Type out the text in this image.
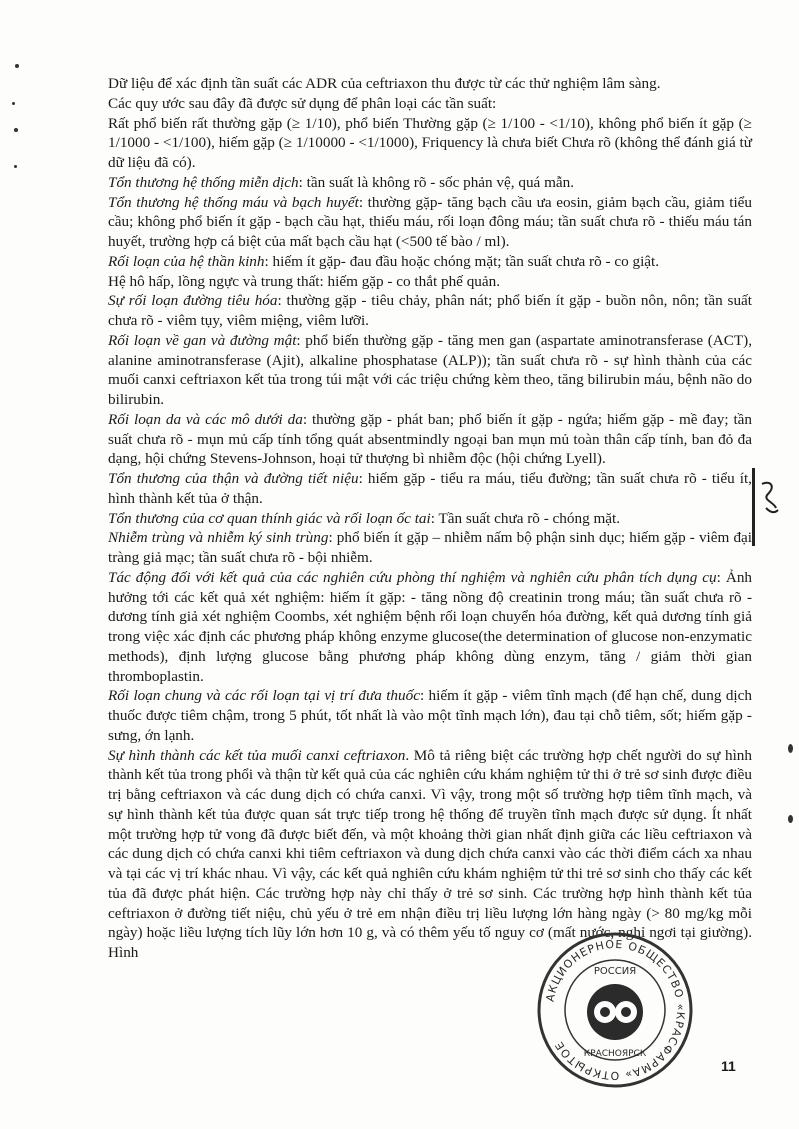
Dữ liệu để xác định tần suất các ADR của ceftriaxon thu được từ các thử nghiệm lâm sàng.

Các quy ước sau đây đã được sử dụng để phân loại các tần suất:

Rất phổ biến rất thường gặp (≥ 1/10), phổ biến Thường gặp (≥ 1/100 - <1/10), không phổ biến ít gặp (≥ 1/1000 - <1/100), hiếm gặp (≥ 1/10000 - <1/1000), Friquency là chưa biết Chưa rõ (không thể đánh giá từ dữ liệu đã có).

Tổn thương hệ thống miễn dịch: tần suất là không rõ - sốc phản vệ, quá mẫn.

Tổn thương hệ thống máu và bạch huyết: thường gặp- tăng bạch cầu ưa eosin, giảm bạch cầu, giảm tiểu cầu; không phổ biến ít gặp - bạch cầu hạt, thiếu máu, rối loạn đông máu; tần suất chưa rõ - thiếu máu tán huyết, trường hợp cá biệt của mất bạch cầu hạt (<500 tế bào / ml).

Rối loạn của hệ thần kinh: hiếm ít gặp- đau đầu hoặc chóng mặt; tần suất chưa rõ - co giật.

Hệ hô hấp, lồng ngực và trung thất: hiếm gặp - co thắt phế quản.

Sự rối loạn đường tiêu hóa: thường gặp - tiêu chảy, phân nát; phổ biến ít gặp - buồn nôn, nôn; tần suất chưa rõ - viêm tụy, viêm miệng, viêm lưỡi.

Rối loạn về gan và đường mật: phổ biến thường gặp - tăng men gan (aspartate aminotransferase (ACT), alanine aminotransferase (Ajit), alkaline phosphatase (ALP)); tần suất chưa rõ - sự hình thành của các muối canxi ceftriaxon kết tủa trong túi mật với các triệu chứng kèm theo, tăng bilirubin máu, bệnh não do bilirubin.

Rối loạn da và các mô dưới da: thường gặp - phát ban; phổ biến ít gặp - ngứa; hiếm gặp - mề đay; tần suất chưa rõ - mụn mủ cấp tính tổng quát absentmindly ngoại ban mụn mủ toàn thân cấp tính, ban đỏ đa dạng, hội chứng Stevens-Johnson, hoại tử thượng bì nhiễm độc (hội chứng Lyell).

Tổn thương của thận và đường tiết niệu: hiếm gặp - tiểu ra máu, tiểu đường; tần suất chưa rõ - tiểu ít, hình thành kết tủa ở thận.

Tổn thương của cơ quan thính giác và rối loạn ốc tai: Tần suất chưa rõ - chóng mặt.

Nhiễm trùng và nhiễm ký sinh trùng: phổ biến ít gặp – nhiễm nấm bộ phận sinh dục; hiếm gặp - viêm đại tràng giả mạc; tần suất chưa rõ - bội nhiễm.

Tác động đối với kết quả của các nghiên cứu phòng thí nghiệm và nghiên cứu phân tích dụng cụ: Ảnh hưởng tới các kết quả xét nghiệm: hiếm ít gặp: - tăng nồng độ creatinin trong máu; tần suất chưa rõ - dương tính giả xét nghiệm Coombs, xét nghiệm bệnh rối loạn chuyển hóa đường, kết quả dương tính giả trong việc xác định các phương pháp không enzyme glucose(the determination of glucose non-enzymatic methods), định lượng glucose bằng phương pháp không dùng enzym, tăng / giảm thời gian thromboplastin.

Rối loạn chung và các rối loạn tại vị trí đưa thuốc: hiếm ít gặp - viêm tĩnh mạch (để hạn chế, dung dịch thuốc được tiêm chậm, trong 5 phút, tốt nhất là vào một tĩnh mạch lớn), đau tại chỗ tiêm, sốt; hiếm gặp - sưng, ớn lạnh.

Sự hình thành các kết tủa muối canxi ceftriaxon. Mô tả riêng biệt các trường hợp chết người do sự hình thành kết tủa trong phổi và thận từ kết quả của các nghiên cứu khám nghiệm tử thi ở trẻ sơ sinh được điều trị bằng ceftriaxon và các dung dịch có chứa canxi. Vì vậy, trong một số trường hợp tiêm tĩnh mạch, và sự hình thành kết tủa được quan sát trực tiếp trong hệ thống để truyền tĩnh mạch được sử dụng. Ít nhất một trường hợp tử vong đã được biết đến, và một khoảng thời gian nhất định giữa các liều ceftriaxon và các dung dịch có chứa canxi khi tiêm ceftriaxon và dung dịch chứa canxi vào các thời điểm cách xa nhau và tại các vị trí khác nhau. Vì vậy, các kết quả nghiên cứu khám nghiệm tử thi trẻ sơ sinh cho thấy các kết tủa đã được phát hiện. Các trường hợp này chỉ thấy ở trẻ sơ sinh. Các trường hợp hình thành kết tủa ceftriaxon ở đường tiết niệu, chủ yếu ở trẻ em nhận điều trị liều lượng lớn hàng ngày (> 80 mg/kg mỗi ngày) hoặc liều lượng tích lũy lớn hơn 10 g, và có thêm yếu tố nguy cơ (mất nước, nghỉ ngơi tại giường). Hình

АКЦИОНЕРНОЕ ОБЩЕСТВО «КРАСФАРМА» ОТКРЫТОЕ
РОССИЯ
КРАСНОЯРСК
11
